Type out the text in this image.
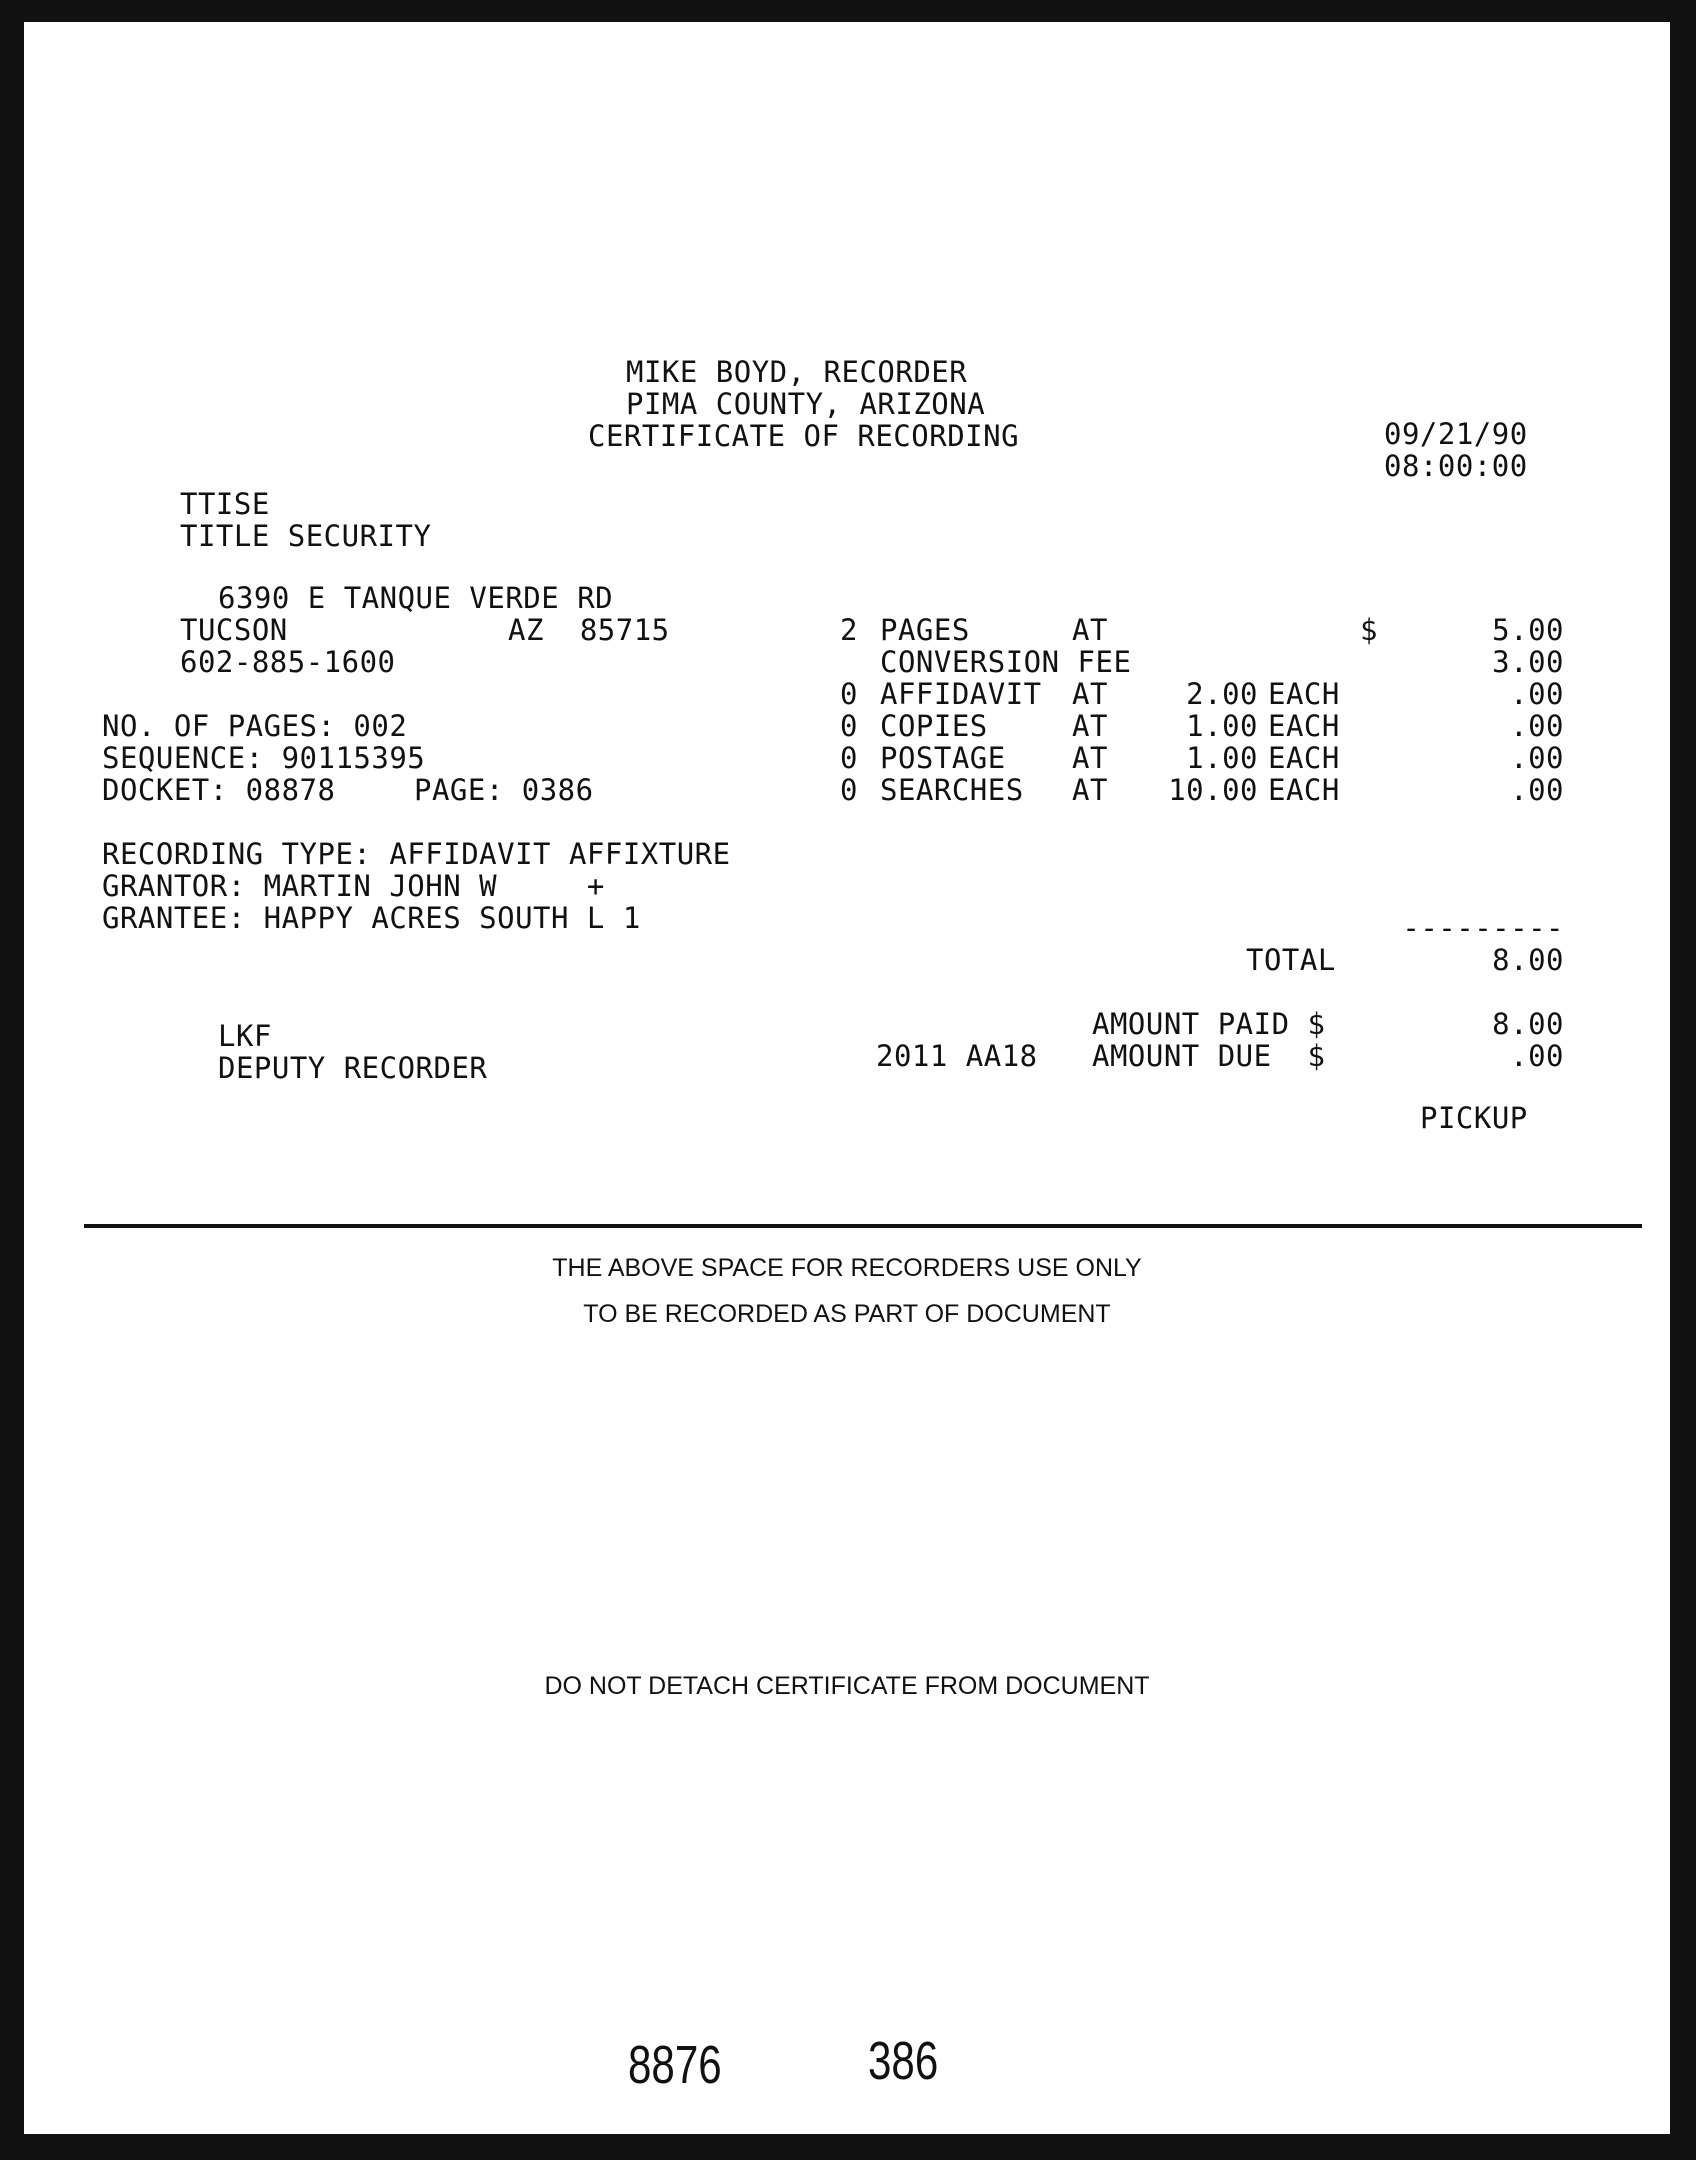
MIKE BOYD, RECORDER
PIMA COUNTY, ARIZONA
CERTIFICATE OF RECORDING	09/21/90
08:00:00
TTISE
TITLE SECURITY
6390 E TANQUE VERDE RD
TUCSON	AZ  85715
602-885-1600
NO. OF PAGES: 002
SEQUENCE: 90115395
DOCKET: 08878	PAGE: 0386
RECORDING TYPE: AFFIDAVIT AFFIXTURE
GRANTOR: MARTIN JOHN W     +
GRANTEE: HAPPY ACRES SOUTH L 1
2 PAGES	AT	$	5.00
CONVERSION FEE	3.00
0 AFFIDAVIT AT	2.00 EACH	.00
0 COPIES	AT	1.00 EACH	.00
0 POSTAGE AT	1.00 EACH	.00
0 SEARCHES AT	10.00 EACH	.00
---------
TOTAL	8.00
AMOUNT PAID $	8.00
2011 AA18 AMOUNT DUE  $	.00
PICKUP
LKF
DEPUTY RECORDER
THE ABOVE SPACE FOR RECORDERS USE ONLY
TO BE RECORDED AS PART OF DOCUMENT
DO NOT DETACH CERTIFICATE FROM DOCUMENT
8876	386
